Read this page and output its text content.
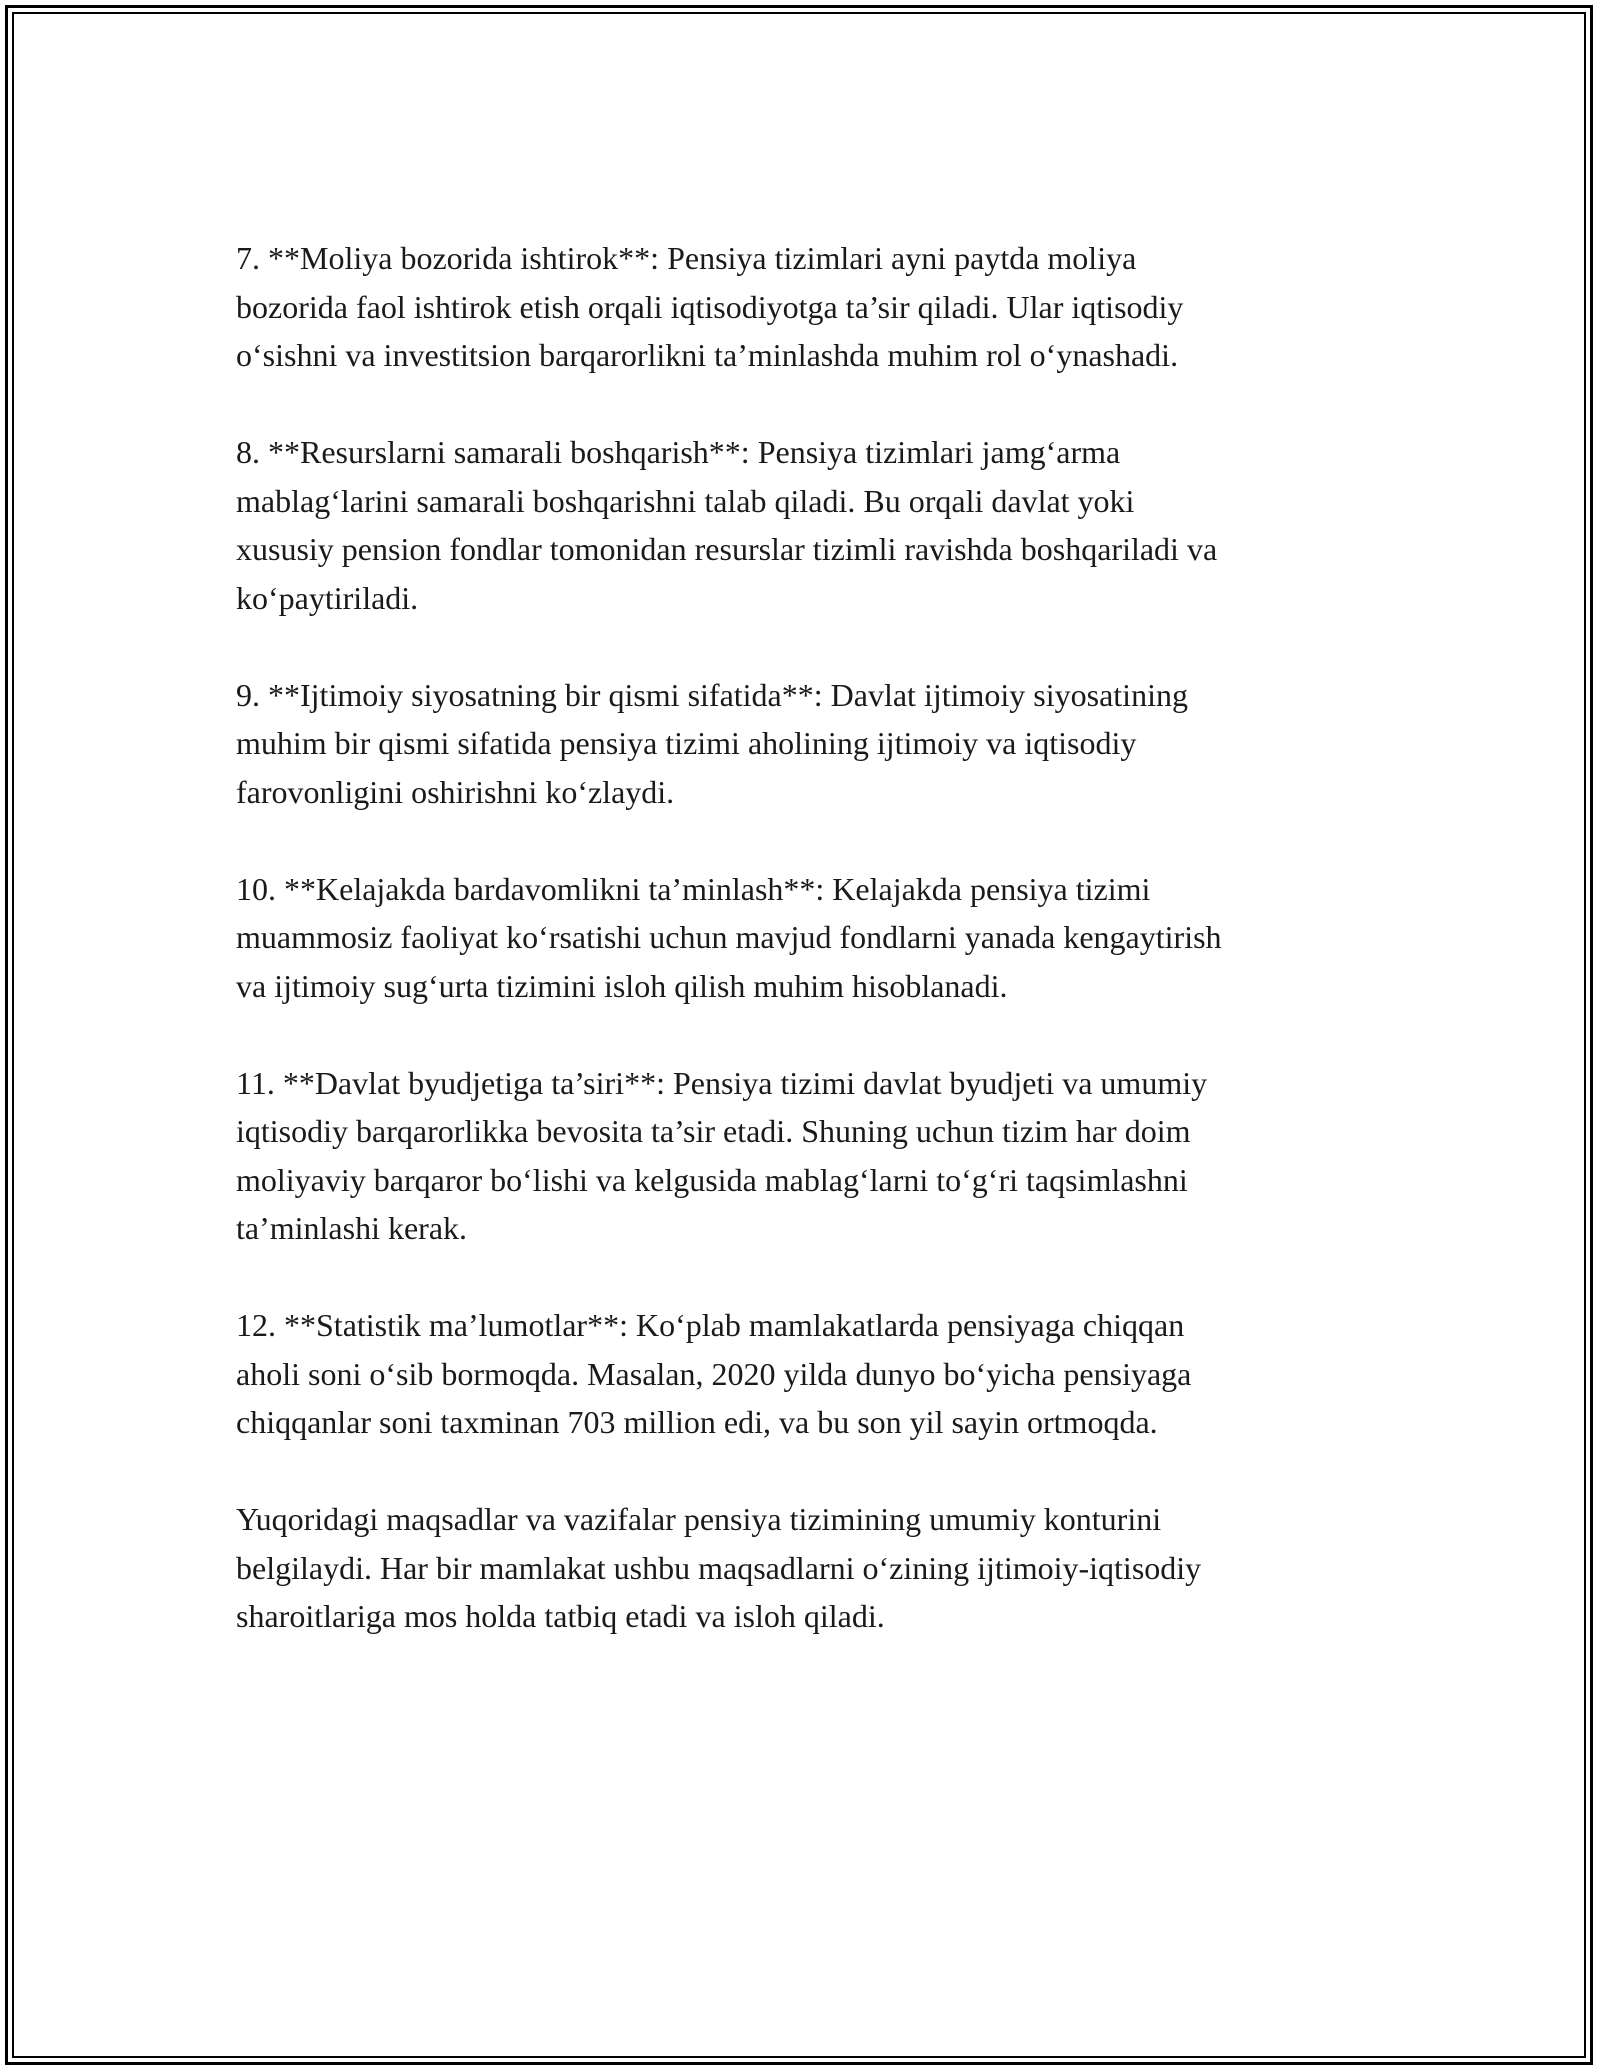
7. **Moliya bozorida ishtirok**: Pensiya tizimlari ayni paytda moliya
bozorida faol ishtirok etish orqali iqtisodiyotga ta’sir qiladi. Ular iqtisodiy
o‘sishni va investitsion barqarorlikni ta’minlashda muhim rol o‘ynashadi.

8. **Resurslarni samarali boshqarish**: Pensiya tizimlari jamg‘arma
mablag‘larini samarali boshqarishni talab qiladi. Bu orqali davlat yoki
xususiy pension fondlar tomonidan resurslar tizimli ravishda boshqariladi va
ko‘paytiriladi.

9. **Ijtimoiy siyosatning bir qismi sifatida**: Davlat ijtimoiy siyosatining
muhim bir qismi sifatida pensiya tizimi aholining ijtimoiy va iqtisodiy
farovonligini oshirishni ko‘zlaydi.

10. **Kelajakda bardavomlikni ta’minlash**: Kelajakda pensiya tizimi
muammosiz faoliyat ko‘rsatishi uchun mavjud fondlarni yanada kengaytirish
va ijtimoiy sug‘urta tizimini isloh qilish muhim hisoblanadi.

11. **Davlat byudjetiga ta’siri**: Pensiya tizimi davlat byudjeti va umumiy
iqtisodiy barqarorlikka bevosita ta’sir etadi. Shuning uchun tizim har doim
moliyaviy barqaror bo‘lishi va kelgusida mablag‘larni to‘g‘ri taqsimlashni
ta’minlashi kerak.

12. **Statistik ma’lumotlar**: Ko‘plab mamlakatlarda pensiyaga chiqqan
aholi soni o‘sib bormoqda. Masalan, 2020 yilda dunyo bo‘yicha pensiyaga
chiqqanlar soni taxminan 703 million edi, va bu son yil sayin ortmoqda.

Yuqoridagi maqsadlar va vazifalar pensiya tizimining umumiy konturini
belgilaydi. Har bir mamlakat ushbu maqsadlarni o‘zining ijtimoiy-iqtisodiy
sharoitlariga mos holda tatbiq etadi va isloh qiladi.
